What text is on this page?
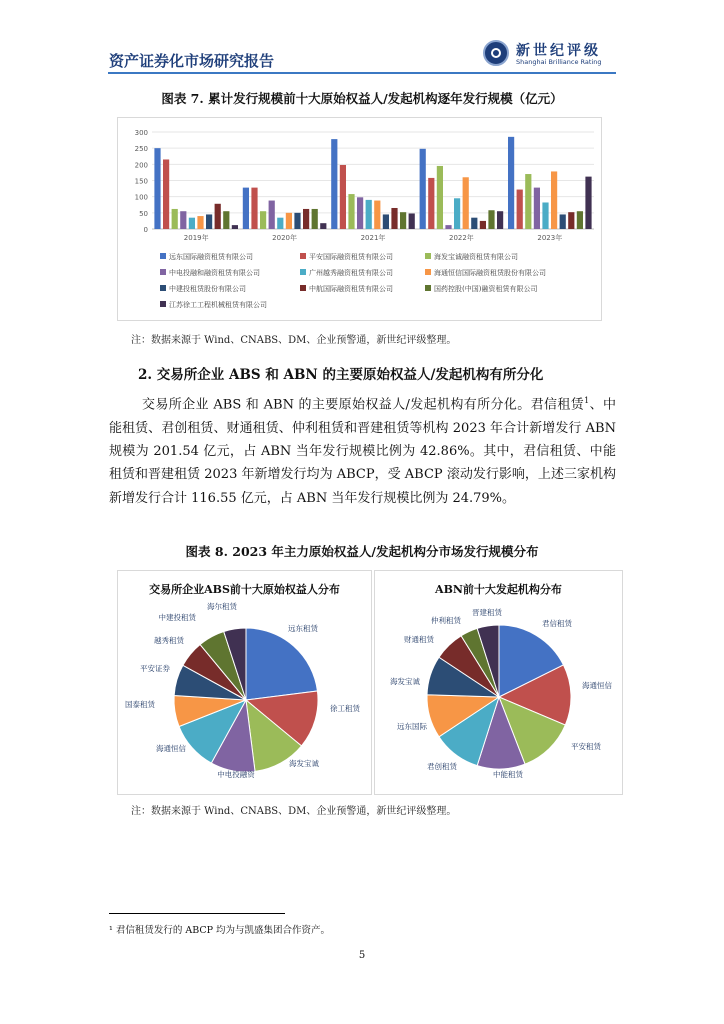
资产证券化市场研究报告
新世纪评级
Shanghai Brilliance Rating
图表 7. 累计发行规模前十大原始权益人/发起机构逐年发行规模（亿元）
0
50
100
150
200
250
300
2019年	2020年	2021年	2022年	2023年
远东国际融资租赁有限公司	平安国际融资租赁有限公司	海发宝诚融资租赁有限公司
中电投融和融资租赁有限公司	广州越秀融资租赁有限公司	海通恒信国际融资租赁股份有限公司
中建投租赁股份有限公司	中航国际融资租赁有限公司	国药控股(中国)融资租赁有限公司
江苏徐工工程机械租赁有限公司
注：数据来源于 Wind、CNABS、DM、企业预警通，新世纪评级整理。
2. 交易所企业 ABS 和 ABN 的主要原始权益人/发起机构有所分化
交易所企业 ABS 和 ABN 的主要原始权益人/发起机构有所分化。君信租赁$^1$、中能租赁、君创租赁、财通租赁、仲利租赁和晋建租赁等机构 2023 年合计新增发行 ABN 规模为 201.54 亿元，占 ABN 当年发行规模比例为 42.86%。其中，君信租赁、中能租赁和晋建租赁 2023 年新增发行均为 ABCP，受 ABCP 滚动发行影响，上述三家机构新增发行合计 116.55 亿元，占 ABN 当年发行规模比例为 24.79%。
图表 8. 2023 年主力原始权益人/发起机构分市场发行规模分布
交易所企业ABS前十大原始权益人分布
远东租赁
徐工租赁
海发宝诚
中电投融资
海通恒信
国泰租赁
平安证券
越秀租赁
中建投租赁
海尔租赁
ABN前十大发起机构分布
君信租赁
海通恒信
平安租赁
中能租赁
君创租赁
远东国际
海发宝诚
财通租赁
仲利租赁
晋建租赁
注：数据来源于 Wind、CNABS、DM、企业预警通，新世纪评级整理。
¹ 君信租赁发行的 ABCP 均为与凯盛集团合作资产。
5
